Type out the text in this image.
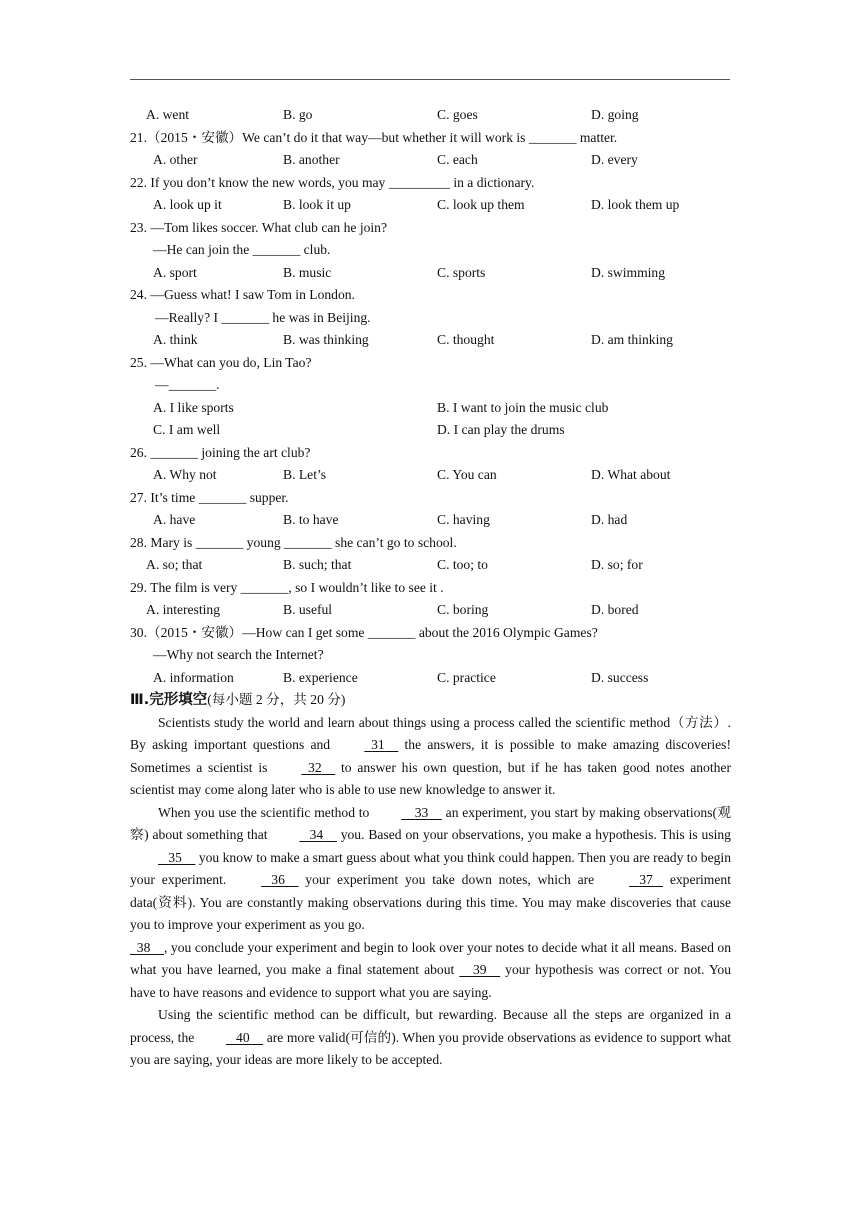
A. went	B. go	C. goes	D. going
21.（2015・安徽）We can’t do it that way—but whether it will work is _______ matter.
A. other	B. another	C. each	D. every
22. If you don’t know the new words, you may _________ in a dictionary.
A. look up it	B. look it up	C. look up them	D. look them up
23. —Tom likes soccer. What club can he join?
—He can join the _______ club.
A. sport	B. music	C. sports	D. swimming
24. —Guess what! I saw Tom in London.
—Really? I _______ he was in Beijing.
A. think	B. was thinking	C. thought	D. am thinking
25. —What can you do, Lin Tao?
—_______.
A. I like sports	B. I want to join the music club
C. I am well	D. I can play the drums
26. _______ joining the art club?
A. Why not	B. Let’s	C. You can	D. What about
27. It’s time _______ supper.
A. have	B. to have	C. having	D. had
28. Mary is _______ young _______ she can’t go to school.
A. so; that	B. such; that	C. too; to	D. so; for
29. The film is very _______, so I wouldn’t like to see it .
A. interesting	B. useful	C. boring	D. bored
30.（2015・安徽）—How can I get some _______ about the 2016 Olympic Games?
—Why not search the Internet?
A. information	B. experience	C. practice	D. success
Ⅲ.完形填空(每小题 2 分，共 20 分)

Scientists study the world and learn about things using a process called the scientific method（方法）. By asking important questions and	31     the answers, it is possible to make amazing discoveries! Sometimes a scientist is	32     to answer his own question, but if he has taken good notes another scientist may come along later who is able to use new knowledge to answer it.

When you use the scientific method to	33     an experiment, you start by making observations(观察) about something that	34     you. Based on your observations, you make a hypothesis. This is using    35     you know to make a smart guess about what you think could happen. Then you are ready to begin your experiment.	36     your experiment you take down notes, which are	37    experiment data(资料). You are constantly making observations during this time. You may make discoveries that cause you to improve your experiment as you go.

38 , you conclude your experiment and begin to look over your notes to decide what it all means. Based on what you have learned, you make a final statement about     39     your hypothesis was correct or not. You have to have reasons and evidence to support what you are saying.

Using the scientific method can be difficult, but rewarding. Because all the steps are organized in a process, the	40     are more valid(可信的). When you provide observations as evidence to support what you are saying, your ideas are more likely to be accepted.
